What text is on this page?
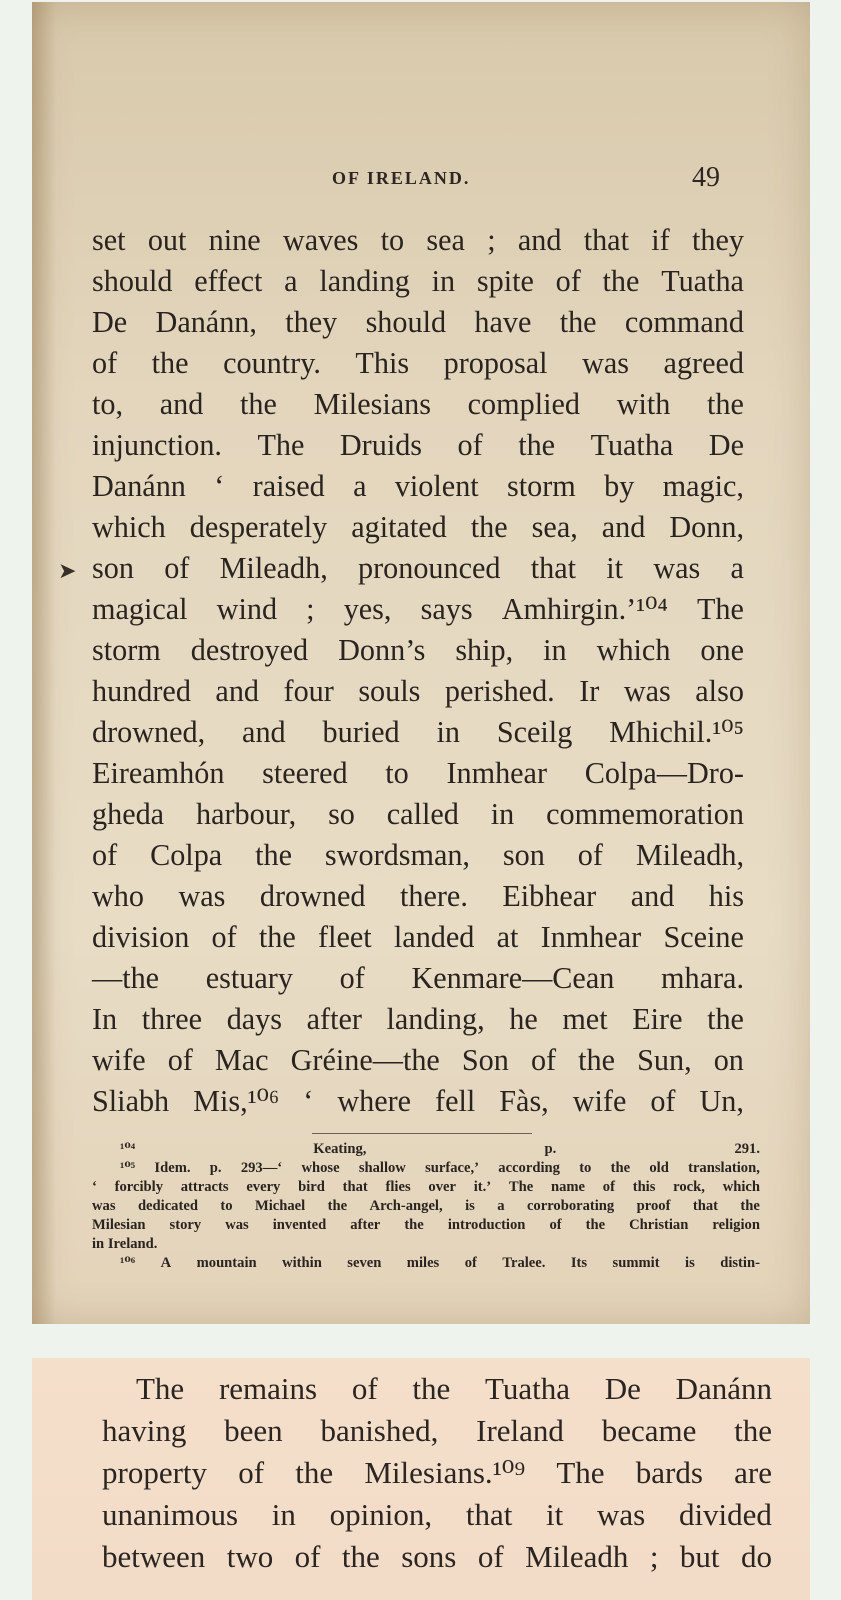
OF IRELAND.	49
➤
set out nine waves to sea ; and that if they
should effect a landing in spite of the Tuatha
De Danánn, they should have the command
of the country. This proposal was agreed
to, and the Milesians complied with the
injunction. The Druids of the Tuatha De
Danánn ‘ raised a violent storm by magic,
which desperately agitated the sea, and Donn,
son of Mileadh, pronounced that it was a
magical wind ; yes, says Amhirgin.’¹⁰⁴ The
storm destroyed Donn’s ship, in which one
hundred and four souls perished. Ir was also
drowned, and buried in Sceilg Mhichil.¹⁰⁵
Eireamhón steered to Inmhear Colpa—Dro-
gheda harbour, so called in commemoration
of Colpa the swordsman, son of Mileadh,
who was drowned there. Eibhear and his
division of the fleet landed at Inmhear Sceine
—the estuary of Kenmare—Cean mhara.
In three days after landing, he met Eire the
wife of Mac Gréine—the Son of the Sun, on
Sliabh Mis,¹⁰⁶ ‘ where fell Fàs, wife of Un,
¹⁰⁴	Keating,	p.	291.
¹⁰⁵ Idem. p. 293—‘ whose shallow surface,’ according to the old translation,
‘ forcibly attracts every bird that flies over it.’ The name of this rock, which
was dedicated to Michael the Arch-angel, is a corroborating proof that the
Milesian story was invented after the introduction of the Christian religion
in Ireland.
¹⁰⁶ A mountain within seven miles of Tralee. Its summit is distin-
The remains of the Tuatha De Danánn
having been banished, Ireland became the
property of the Milesians.¹⁰⁹ The bards are
unanimous in opinion, that it was divided
between two of the sons of Mileadh ; but do
